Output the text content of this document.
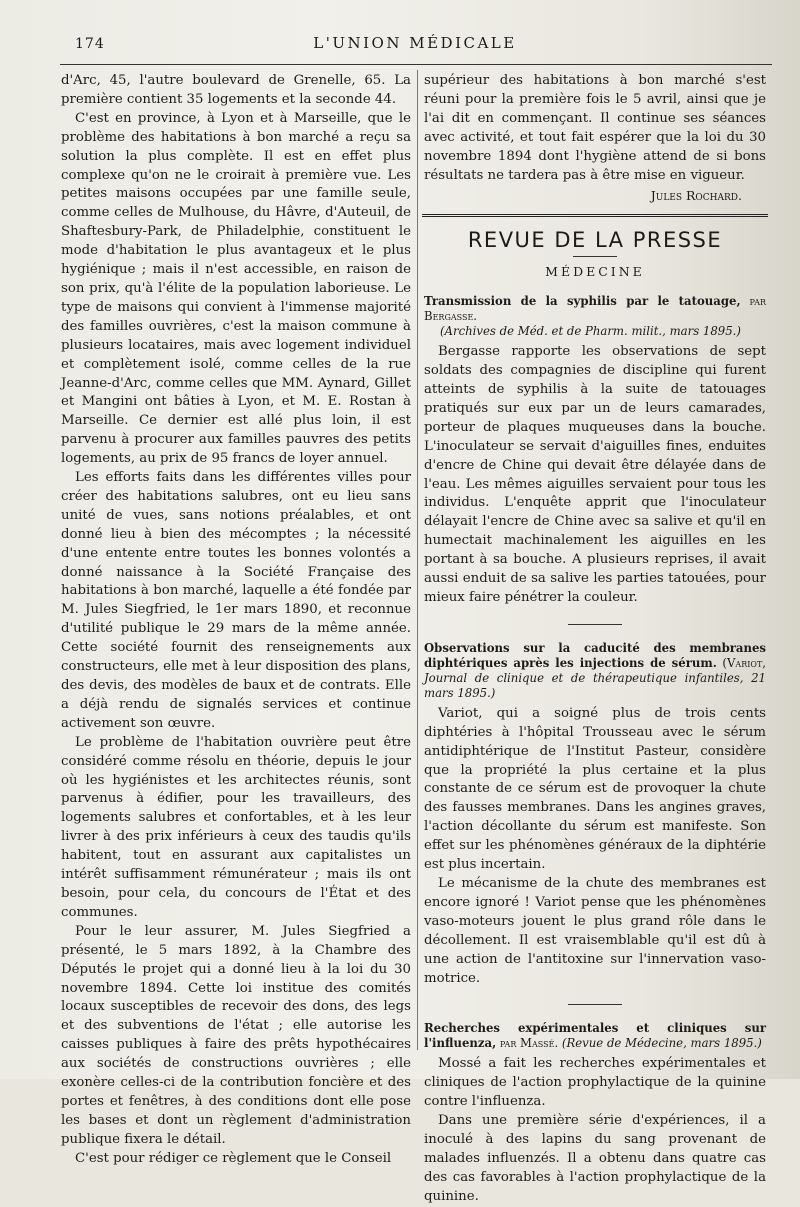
174	L'UNION MÉDICALE

d'Arc, 45, l'autre boulevard de Grenelle, 65. La première contient 35 logements et la seconde 44.

C'est en province, à Lyon et à Marseille, que le problème des habitations à bon marché a reçu sa solution la plus complète. Il est en effet plus complexe qu'on ne le croirait à première vue. Les petites maisons occupées par une famille seule, comme celles de Mulhouse, du Hâvre, d'Auteuil, de Shaftesbury-Park, de Philadelphie, constituent le mode d'habitation le plus avantageux et le plus hygiénique ; mais il n'est accessible, en raison de son prix, qu'à l'élite de la population laborieuse. Le type de maisons qui convient à l'immense majorité des familles ouvrières, c'est la maison commune à plusieurs locataires, mais avec logement individuel et complètement isolé, comme celles de la rue Jeanne-d'Arc, comme celles que MM. Aynard, Gillet et Mangini ont bâties à Lyon, et M. E. Rostan à Marseille. Ce dernier est allé plus loin, il est parvenu à procurer aux familles pauvres des petits logements, au prix de 95 francs de loyer annuel.

Les efforts faits dans les différentes villes pour créer des habitations salubres, ont eu lieu sans unité de vues, sans notions préalables, et ont donné lieu à bien des mécomptes ; la nécessité d'une entente entre toutes les bonnes volontés a donné naissance à la Société Française des habitations à bon marché, laquelle a été fondée par M. Jules Siegfried, le 1er mars 1890, et reconnue d'utilité publique le 29 mars de la même année. Cette société fournit des renseignements aux constructeurs, elle met à leur disposition des plans, des devis, des modèles de baux et de contrats. Elle a déjà rendu de signalés services et continue activement son œuvre.

Le problème de l'habitation ouvrière peut être considéré comme résolu en théorie, depuis le jour où les hygiénistes et les architectes réunis, sont parvenus à édifier, pour les travailleurs, des logements salubres et confortables, et à les leur livrer à des prix inférieurs à ceux des taudis qu'ils habitent, tout en assurant aux capitalistes un intérêt suffisamment rémunérateur ; mais ils ont besoin, pour cela, du concours de l'État et des communes.

Pour le leur assurer, M. Jules Siegfried a présenté, le 5 mars 1892, à la Chambre des Députés le projet qui a donné lieu à la loi du 30 novembre 1894. Cette loi institue des comités locaux susceptibles de recevoir des dons, des legs et des subventions de l'état ; elle autorise les caisses publiques à faire des prêts hypothécaires aux sociétés de constructions ouvrières ; elle exonère celles-ci de la contribution foncière et des portes et fenêtres, à des conditions dont elle pose les bases et dont un règlement d'administration publique fixera le détail.

C'est pour rédiger ce règlement que le Conseil

supérieur des habitations à bon marché s'est réuni pour la première fois le 5 avril, ainsi que je l'ai dit en commençant. Il continue ses séances avec activité, et tout fait espérer que la loi du 30 novembre 1894 dont l'hygiène attend de si bons résultats ne tardera pas à être mise en vigueur.

Jules Rochard.
REVUE DE LA PRESSE
MÉDECINE
Transmission de la syphilis par le tatouage, par Bergasse.
(Archives de Méd. et de Pharm. milit., mars 1895.)

Bergasse rapporte les observations de sept soldats des compagnies de discipline qui furent atteints de syphilis à la suite de tatouages pratiqués sur eux par un de leurs camarades, porteur de plaques muqueuses dans la bouche. L'inoculateur se servait d'aiguilles fines, enduites d'encre de Chine qui devait être délayée dans de l'eau. Les mêmes aiguilles servaient pour tous les individus. L'enquête apprit que l'inoculateur délayait l'encre de Chine avec sa salive et qu'il en humectait machinalement les aiguilles en les portant à sa bouche. A plusieurs reprises, il avait aussi enduit de sa salive les parties tatouées, pour mieux faire pénétrer la couleur.

Observations sur la caducité des membranes diphtériques après les injections de sérum. (Variot, Journal de clinique et de thérapeutique infantiles, 21 mars 1895.)

Variot, qui a soigné plus de trois cents diphtéries à l'hôpital Trousseau avec le sérum antidiphtérique de l'Institut Pasteur, considère que la propriété la plus certaine et la plus constante de ce sérum est de provoquer la chute des fausses membranes. Dans les angines graves, l'action décollante du sérum est manifeste. Son effet sur les phénomènes généraux de la diphtérie est plus incertain.

Le mécanisme de la chute des membranes est encore ignoré ! Variot pense que les phénomènes vaso-moteurs jouent le plus grand rôle dans le décollement. Il est vraisemblable qu'il est dû à une action de l'antitoxine sur l'innervation vaso-motrice.

Recherches expérimentales et cliniques sur l'influenza, par Massé. (Revue de Médecine, mars 1895.)

Mossé a fait les recherches expérimentales et cliniques de l'action prophylactique de la quinine contre l'influenza.

Dans une première série d'expériences, il a inoculé à des lapins du sang provenant de malades influenzés. Il a obtenu dans quatre cas des cas favorables à l'action prophylactique de la quinine.
